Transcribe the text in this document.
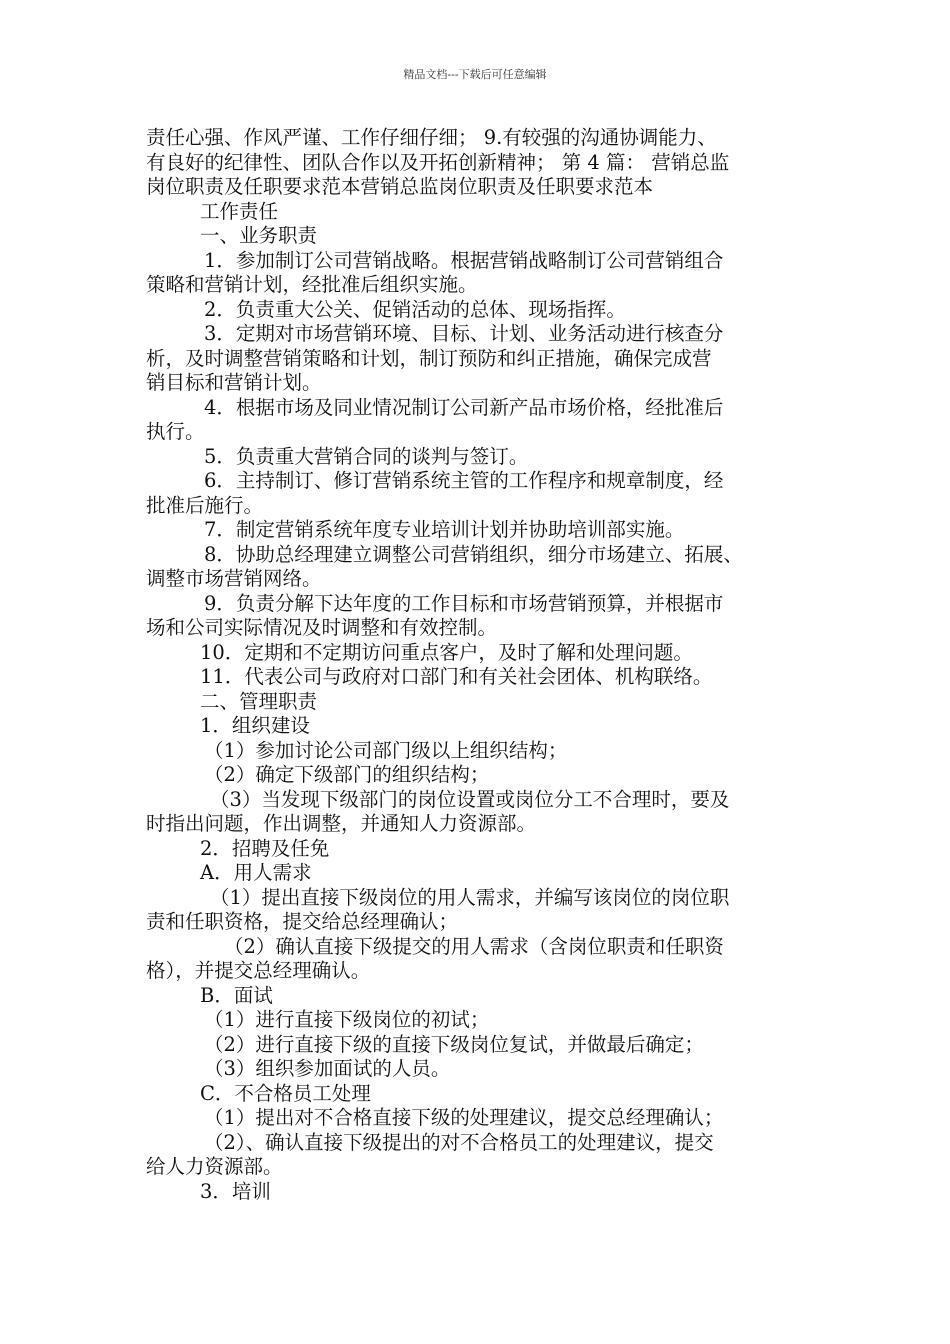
精品文档---下载后可任意编辑
责任心强、作风严谨、工作仔细仔细； 9.有较强的沟通协调能力、
有良好的纪律性、团队合作以及开拓创新精神； 第 4 篇： 营销总监
岗位职责及任职要求范本营销总监岗位职责及任职要求范本
工作责任
一、业务职责
1．参加制订公司营销战略。根据营销战略制订公司营销组合
策略和营销计划，经批准后组织实施。
2．负责重大公关、促销活动的总体、现场指挥。
3．定期对市场营销环境、目标、计划、业务活动进行核查分
析，及时调整营销策略和计划，制订预防和纠正措施，确保完成营
销目标和营销计划。
4．根据市场及同业情况制订公司新产品市场价格，经批准后
执行。
5．负责重大营销合同的谈判与签订。
6．主持制订、修订营销系统主管的工作程序和规章制度，经
批准后施行。
7．制定营销系统年度专业培训计划并协助培训部实施。
8．协助总经理建立调整公司营销组织，细分市场建立、拓展、
调整市场营销网络。
9．负责分解下达年度的工作目标和市场营销预算，并根据市
场和公司实际情况及时调整和有效控制。
10．定期和不定期访问重点客户，及时了解和处理问题。
11．代表公司与政府对口部门和有关社会团体、机构联络。
二、管理职责
1．组织建设
（1）参加讨论公司部门级以上组织结构；
（2）确定下级部门的组织结构；
（3）当发现下级部门的岗位设置或岗位分工不合理时，要及
时指出问题，作出调整，并通知人力资源部。
2．招聘及任免
A．用人需求
（1）提出直接下级岗位的用人需求，并编写该岗位的岗位职
责和任职资格，提交给总经理确认；
（2）确认直接下级提交的用人需求（含岗位职责和任职资
格），并提交总经理确认。
B．面试
（1）进行直接下级岗位的初试；
（2）进行直接下级的直接下级岗位复试，并做最后确定；
（3）组织参加面试的人员。
C．不合格员工处理
（1）提出对不合格直接下级的处理建议，提交总经理确认；
（2）、确认直接下级提出的对不合格员工的处理建议，提交
给人力资源部。
3．培训
